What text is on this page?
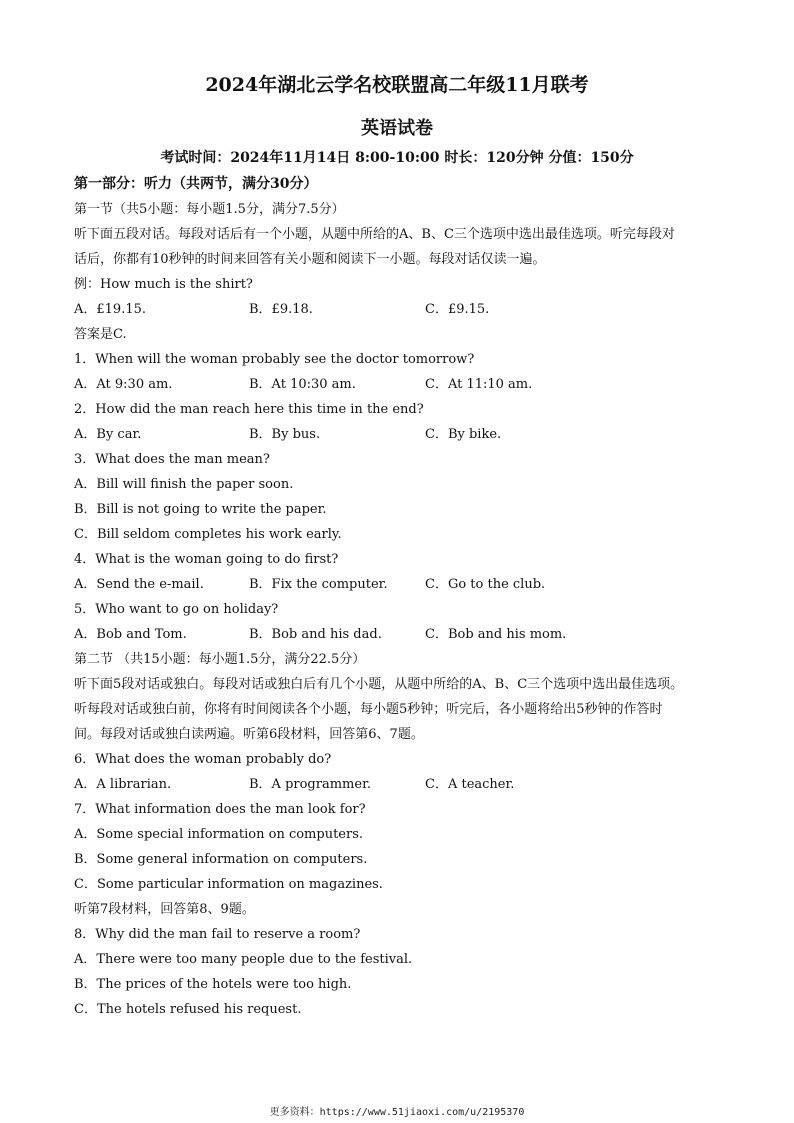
2024年湖北云学名校联盟高二年级11月联考
英语试卷
考试时间：2024年11月14日 8:00-10:00 时长：120分钟 分值：150分
第一部分：听力（共两节，满分30分）
第一节（共5小题：每小题1.5分，满分7.5分）
听下面五段对话。每段对话后有一个小题，从题中所给的A、B、C三个选项中选出最佳选项。听完每段对
话后，你都有10秒钟的时间来回答有关小题和阅读下一小题。每段对话仅读一遍。
例：How much is the shirt?
A．£19.15.	B．£9.18.	C．£9.15.
答案是C.
1．When will the woman probably see the doctor tomorrow?
A．At 9:30 am.	B．At 10:30 am.	C．At 11:10 am.
2．How did the man reach here this time in the end?
A．By car.	B．By bus.	C．By bike.
3．What does the man mean?
A．Bill will finish the paper soon.
B．Bill is not going to write the paper.
C．Bill seldom completes his work early.
4．What is the woman going to do first?
A．Send the e-mail.	B．Fix the computer.	C．Go to the club.
5．Who want to go on holiday?
A．Bob and Tom.	B．Bob and his dad.	C．Bob and his mom.
第二节 （共15小题：每小题1.5分，满分22.5分）
听下面5段对话或独白。每段对话或独白后有几个小题，从题中所给的A、B、C三个选项中选出最佳选项。
听每段对话或独白前，你将有时间阅读各个小题，每小题5秒钟；听完后，各小题将给出5秒钟的作答时
间。每段对话或独白读两遍。听第6段材料，回答第6、7题。
6．What does the woman probably do?
A．A librarian.	B．A programmer.	C．A teacher.
7．What information does the man look for?
A．Some special information on computers.
B．Some general information on computers.
C．Some particular information on magazines.
听第7段材料，回答第8、9题。
8．Why did the man fail to reserve a room?
A．There were too many people due to the festival.
B．The prices of the hotels were too high.
C．The hotels refused his request.
更多资料：https://www.51jiaoxi.com/u/2195370
